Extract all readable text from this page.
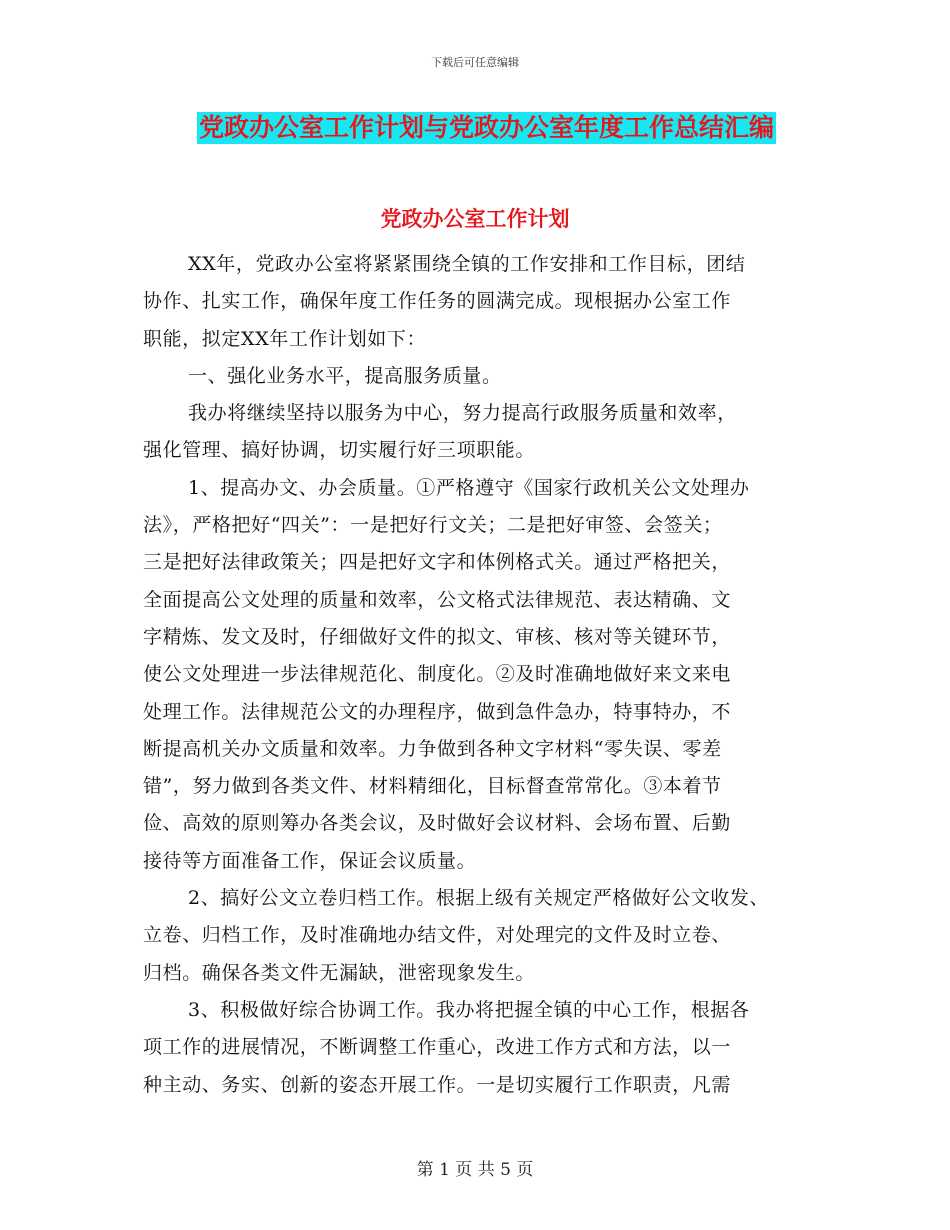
下载后可任意编辑
党政办公室工作计划与党政办公室年度工作总结汇编
党政办公室工作计划
XX年，党政办公室将紧紧围绕全镇的工作安排和工作目标，团结
协作、扎实工作，确保年度工作任务的圆满完成。现根据办公室工作
职能，拟定XX年工作计划如下：
一、强化业务水平，提高服务质量。
我办将继续坚持以服务为中心，努力提高行政服务质量和效率，
强化管理、搞好协调，切实履行好三项职能。
1、提高办文、办会质量。①严格遵守《国家行政机关公文处理办
法》，严格把好“四关”：一是把好行文关；二是把好审签、会签关；
三是把好法律政策关；四是把好文字和体例格式关。通过严格把关，
全面提高公文处理的质量和效率，公文格式法律规范、表达精确、文
字精炼、发文及时，仔细做好文件的拟文、审核、核对等关键环节，
使公文处理进一步法律规范化、制度化。②及时准确地做好来文来电
处理工作。法律规范公文的办理程序，做到急件急办，特事特办，不
断提高机关办文质量和效率。力争做到各种文字材料“零失误、零差
错”，努力做到各类文件、材料精细化，目标督查常常化。③本着节
俭、高效的原则筹办各类会议，及时做好会议材料、会场布置、后勤
接待等方面准备工作，保证会议质量。
2、搞好公文立卷归档工作。根据上级有关规定严格做好公文收发、
立卷、归档工作，及时准确地办结文件，对处理完的文件及时立卷、
归档。确保各类文件无漏缺，泄密现象发生。
3、积极做好综合协调工作。我办将把握全镇的中心工作，根据各
项工作的进展情况，不断调整工作重心，改进工作方式和方法，以一
种主动、务实、创新的姿态开展工作。一是切实履行工作职责，凡需
第 1 页 共 5 页
